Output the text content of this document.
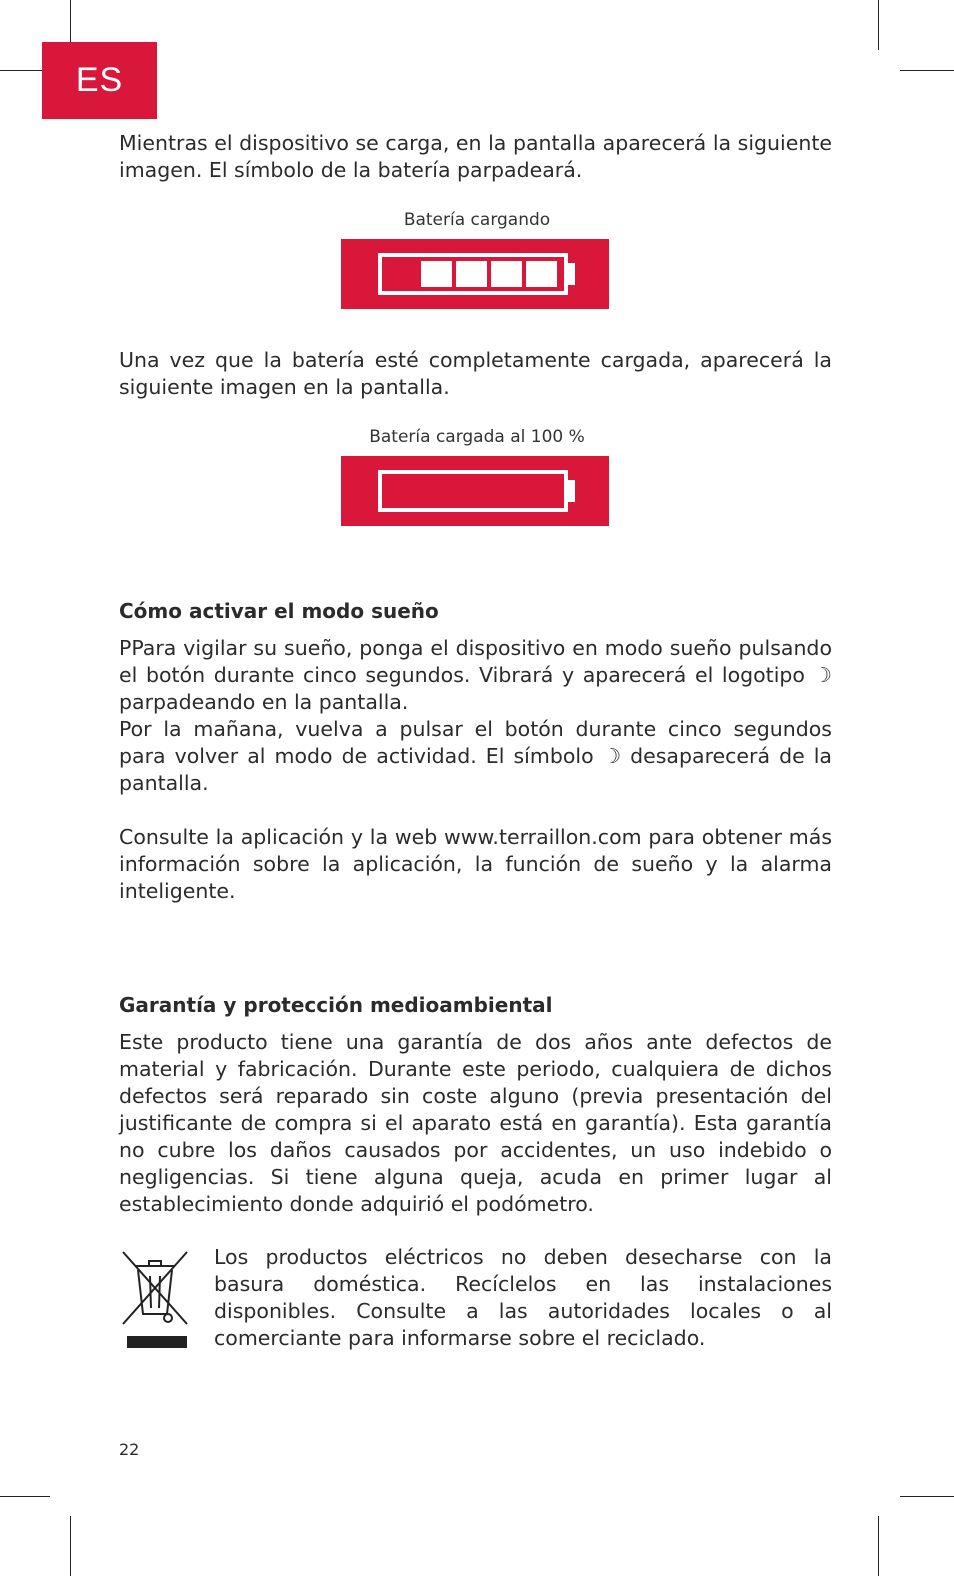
ES

Mientras el dispositivo se carga, en la pantalla aparecerá la siguiente imagen. El símbolo de la batería parpadeará.

Batería cargando

Una vez que la batería esté completamente cargada, aparecerá la siguiente imagen en la pantalla.

Batería cargada al 100 %

Cómo activar el modo sueño

PPara vigilar su sueño, ponga el dispositivo en modo sueño pulsando el botón durante cinco segundos. Vibrará y aparecerá el logotipo ☽ parpadeando en la pantalla.

Por la mañana, vuelva a pulsar el botón durante cinco segundos para volver al modo de actividad. El símbolo ☽ desaparecerá de la pantalla.

Consulte la aplicación y la web www.terraillon.com para obtener más información sobre la aplicación, la función de sueño y la alarma inteligente.

Garantía y protección medioambiental

Este producto tiene una garantía de dos años ante defectos de material y fabricación. Durante este periodo, cualquiera de dichos defectos será reparado sin coste alguno (previa presentación del justificante de compra si el aparato está en garantía). Esta garantía no cubre los daños causados por accidentes, un uso indebido o negligencias. Si tiene alguna queja, acuda en primer lugar al establecimiento donde adquirió el podómetro.

Los productos eléctricos no deben desecharse con la basura doméstica. Recíclelos en las instalaciones disponibles. Consulte a las autoridades locales o al comerciante para informarse sobre el reciclado.
22
